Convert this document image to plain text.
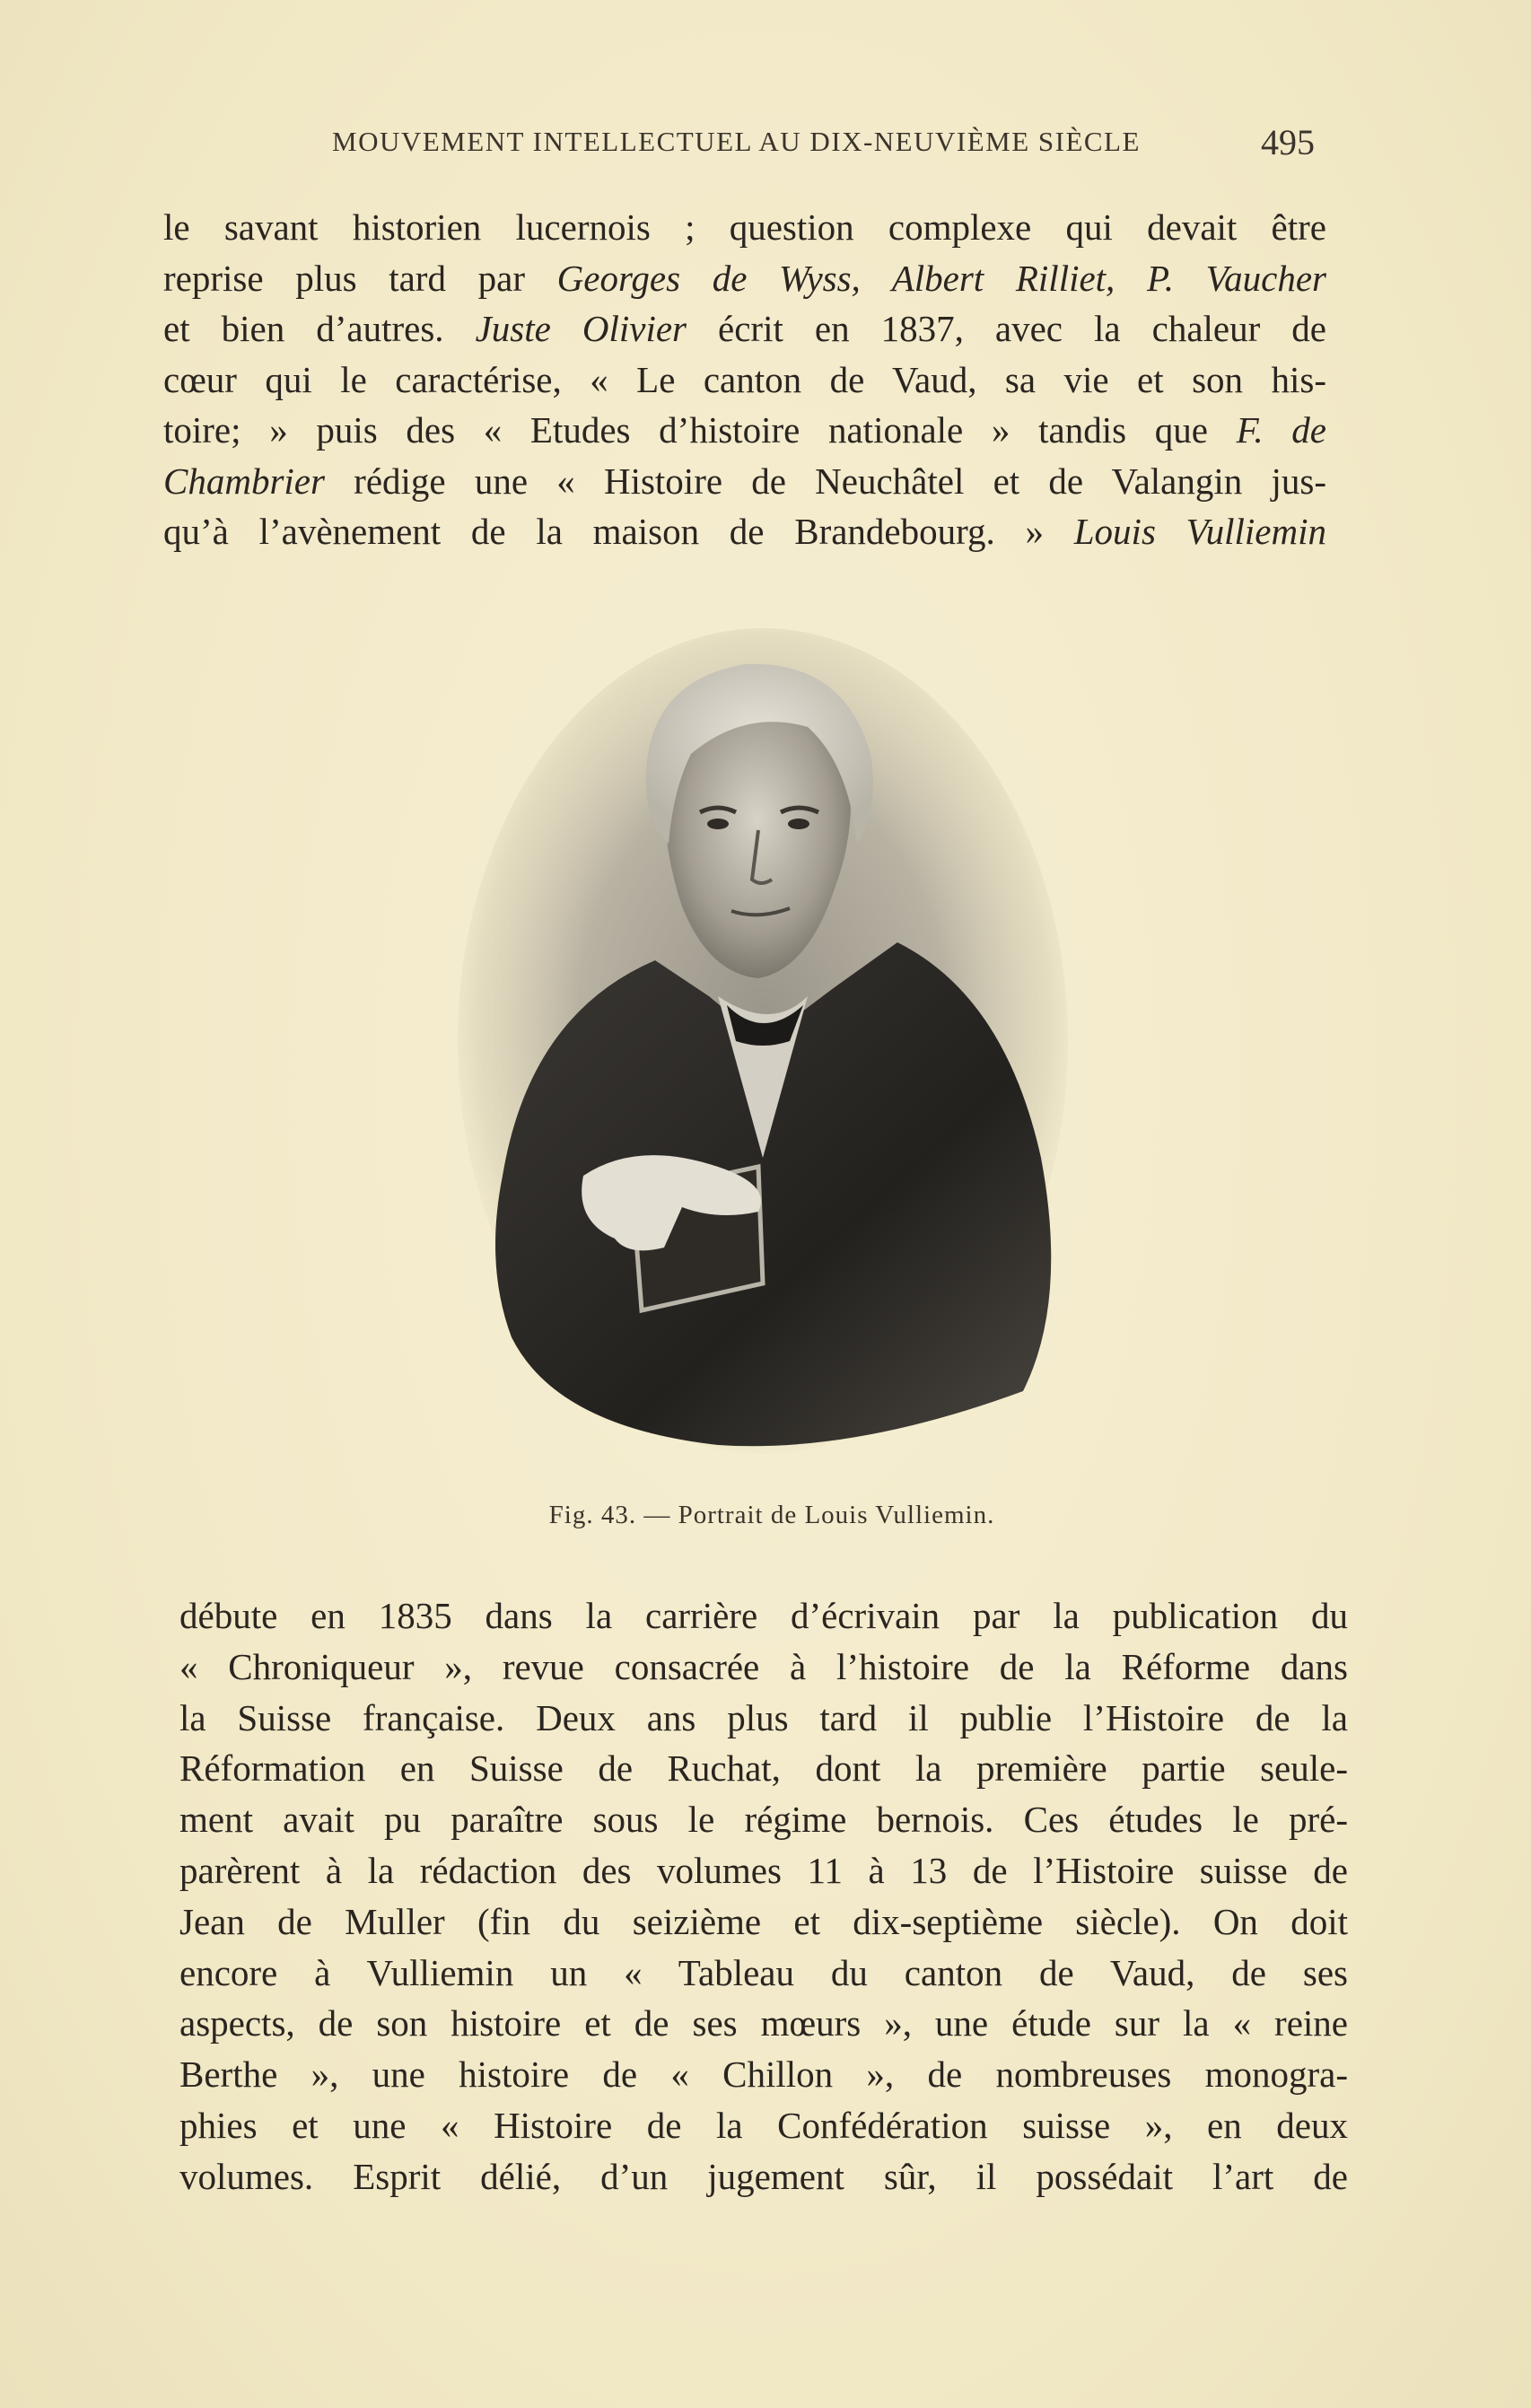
MOUVEMENT INTELLECTUEL AU DIX-NEUVIÈME SIÈCLE	495
le savant historien lucernois ; question complexe qui devait être
reprise plus tard par Georges de Wyss, Albert Rilliet, P. Vaucher
et bien d’autres. Juste Olivier écrit en 1837, avec la chaleur de
cœur qui le caractérise, « Le canton de Vaud, sa vie et son his-
toire; » puis des « Etudes d’histoire nationale » tandis que F. de
Chambrier rédige une « Histoire de Neuchâtel et de Valangin jus-
qu’à l’avènement de la maison de Brandebourg. » Louis Vulliemin
Fig. 43. — Portrait de Louis Vulliemin.
débute en 1835 dans la carrière d’écrivain par la publication du
« Chroniqueur », revue consacrée à l’histoire de la Réforme dans
la Suisse française. Deux ans plus tard il publie l’Histoire de la
Réformation en Suisse de Ruchat, dont la première partie seule-
ment avait pu paraître sous le régime bernois. Ces études le pré-
parèrent à la rédaction des volumes 11 à 13 de l’Histoire suisse de
Jean de Muller (fin du seizième et dix-septième siècle). On doit
encore à Vulliemin un « Tableau du canton de Vaud, de ses
aspects, de son histoire et de ses mœurs », une étude sur la « reine
Berthe », une histoire de « Chillon », de nombreuses monogra-
phies et une « Histoire de la Confédération suisse », en deux
volumes. Esprit délié, d’un jugement sûr, il possédait l’art de
